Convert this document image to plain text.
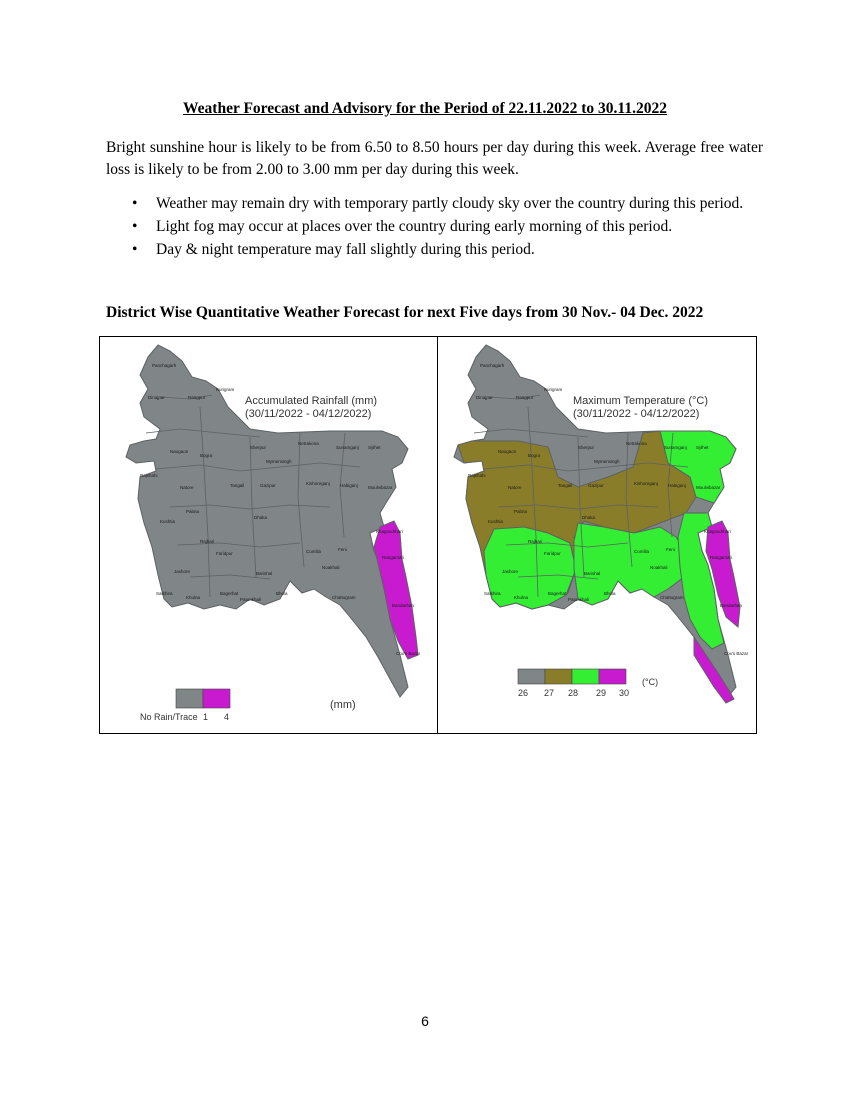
Weather Forecast and Advisory for the Period of 22.11.2022 to 30.11.2022
Bright sunshine hour is likely to be from 6.50 to 8.50 hours per day during this week. Average free water loss is likely to be from 2.00 to 3.00 mm per day during this week.
• Weather may remain dry with temporary partly cloudy sky over the country during this period.
• Light fog may occur at places over the country during early morning of this period.
• Day & night temperature may fall slightly during this period.
District Wise Quantitative Weather Forecast for next Five days from 30 Nov.- 04 Dec. 2022
Accumulated Rainfall (mm)
(30/11/2022 - 04/12/2022)
No Rain/Trace 1 4
(mm)
Panchagarh
Dinajpur	Rangpur
Kurigram
Sherpur	Sunamganj Sylhet
Netrakona
Mymensingh
Naogaon
Bogra
Rajshahi
Natore	Tangail	Gazipur	Kishoreganj Habiganj Moulvibazar
Pabna
Kushtia
Rajbari
Dhaka
Faridpur	Comilla
Jashore
Khulna
Barishal
Noakhali
Feni
Chattogram
Rangamati
Khagrachhari
Bandarban
Cox's Bazar
Bagerhat
Satkhira
Patuakhali
Bhola
Panchagarh
Dinajpur	Rangpur
Kurigram
Sherpur	Sunamganj Sylhet
Netrakona
Mymensingh
Naogaon
Bogra
Rajshahi
Natore	Tangail	Gazipur	Kishoreganj Habiganj Moulvibazar
Pabna
Kushtia
Rajbari
Dhaka
Faridpur	Comilla
Jashore
Khulna
Barishal
Noakhali
Feni
Chattogram
Rangamati
Khagrachhari
Bandarban
Cox's Bazar
Bagerhat
Satkhira
Patuakhali
Bhola
Maximum Temperature (°C)
(30/11/2022 - 04/12/2022)
(°C)
26 27 28 29 30
6
